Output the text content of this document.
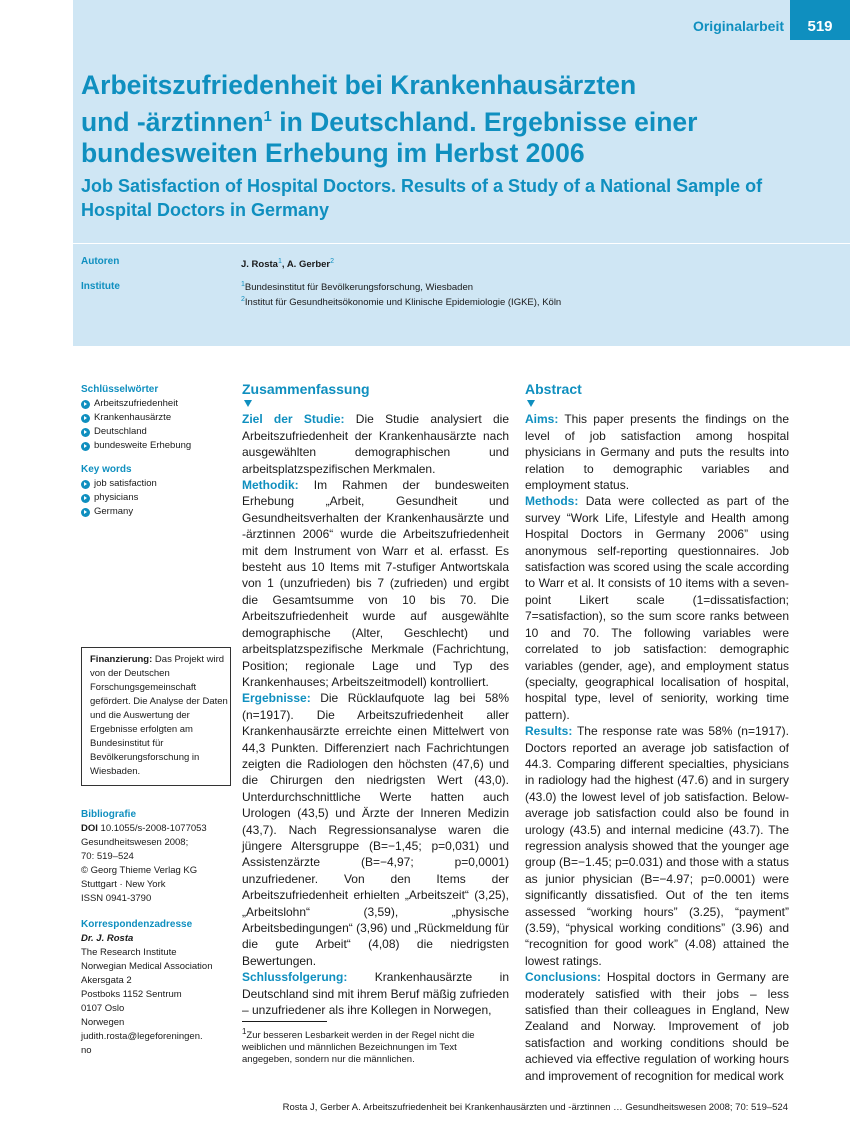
Originalarbeit	519
Arbeitszufriedenheit bei Krankenhausärzten
und -ärztinnen$^1$ in Deutschland. Ergebnisse einer
bundesweiten Erhebung im Herbst 2006
Job Satisfaction of Hospital Doctors. Results of a Study of a National Sample of Hospital Doctors in Germany
Autoren	J. Rosta$^1$, A. Gerber$^2$
Institute	$^1$Bundesinstitut für Bevölkerungsforschung, Wiesbaden
$^2$Institut für Gesundheitsökonomie und Klinische Epidemiologie (IGKE), Köln
Schlüsselwörter
Arbeitszufriedenheit
Krankenhausärzte
Deutschland
bundesweite Erhebung
Key words
job satisfaction
physicians
Germany
Finanzierung: Das Projekt wird von der Deutschen Forschungsgemeinschaft gefördert. Die Analyse der Daten und die Auswertung der Ergebnisse erfolgten am Bundesinstitut für Bevölkerungsforschung in Wiesbaden.
Bibliografie
DOI 10.1055/s-2008-1077053
Gesundheitswesen 2008;
70: 519–524
© Georg Thieme Verlag KG
Stuttgart · New York
ISSN 0941-3790
Korrespondenzadresse
Dr. J. Rosta
The Research Institute
Norwegian Medical Association
Akersgata 2
Postboks 1152 Sentrum
0107 Oslo
Norwegen
judith.rosta@legeforeningen.
no
Zusammenfassung
Ziel der Studie: Die Studie analysiert die Arbeitszufriedenheit der Krankenhausärzte nach ausgewählten demographischen und arbeitsplatzspezifischen Merkmalen.
Methodik: Im Rahmen der bundesweiten Erhebung „Arbeit, Gesundheit und Gesundheitsverhalten der Krankenhausärzte und -ärztinnen 2006“ wurde die Arbeitszufriedenheit mit dem Instrument von Warr et al. erfasst. Es besteht aus 10 Items mit 7-stufiger Antwortskala von 1 (unzufrieden) bis 7 (zufrieden) und ergibt die Gesamtsumme von 10 bis 70. Die Arbeitszufriedenheit wurde auf ausgewählte demographische (Alter, Geschlecht) und arbeitsplatzspezifische Merkmale (Fachrichtung, Position; regionale Lage und Typ des Krankenhauses; Arbeitszeitmodell) kontrolliert.
Ergebnisse: Die Rücklaufquote lag bei 58% (n=1917). Die Arbeitszufriedenheit aller Krankenhausärzte erreichte einen Mittelwert von 44,3 Punkten. Differenziert nach Fachrichtungen zeigten die Radiologen den höchsten (47,6) und die Chirurgen den niedrigsten Wert (43,0). Unterdurchschnittliche Werte hatten auch Urologen (43,5) und Ärzte der Inneren Medizin (43,7). Nach Regressionsanalyse waren die jüngere Altersgruppe (B=−1,45; p=0,031) und Assistenzärzte (B=−4,97; p=0,0001) unzufriedener. Von den Items der Arbeitszufriedenheit erhielten „Arbeitszeit“ (3,25), „Arbeitslohn“ (3,59), „physische Arbeitsbedingungen“ (3,96) und „Rückmeldung für die gute Arbeit“ (4,08) die niedrigsten Bewertungen.
Schlussfolgerung: Krankenhausärzte in Deutschland sind mit ihrem Beruf mäßig zufrieden – unzufriedener als ihre Kollegen in Norwegen,
Abstract
Aims: This paper presents the findings on the level of job satisfaction among hospital physicians in Germany and puts the results into relation to demographic variables and employment status.
Methods: Data were collected as part of the survey “Work Life, Lifestyle and Health among Hospital Doctors in Germany 2006” using anonymous self-reporting questionnaires. Job satisfaction was scored using the scale according to Warr et al. It consists of 10 items with a seven-point Likert scale (1=dissatisfaction; 7=satisfaction), so the sum score ranks between 10 and 70. The following variables were correlated to job satisfaction: demographic variables (gender, age), and employment status (specialty, geographical localisation of hospital, hospital type, level of seniority, working time pattern).
Results: The response rate was 58% (n=1917). Doctors reported an average job satisfaction of 44.3. Comparing different specialties, physicians in radiology had the highest (47.6) and in surgery (43.0) the lowest level of job satisfaction. Below-average job satisfaction could also be found in urology (43.5) and internal medicine (43.7). The regression analysis showed that the younger age group (B=−1.45; p=0.031) and those with a status as junior physician (B=−4.97; p=0.0001) were significantly dissatisfied. Out of the ten items assessed “working hours” (3.25), “payment” (3.59), “physical working conditions” (3.96) and “recognition for good work” (4.08) attained the lowest ratings.
Conclusions: Hospital doctors in Germany are moderately satisfied with their jobs – less satisfied than their colleagues in England, New Zealand and Norway. Improvement of job satisfaction and working conditions should be achieved via effective regulation of working hours and improvement of recognition for medical work
$^1$Zur besseren Lesbarkeit werden in der Regel nicht die weiblichen und männlichen Bezeichnungen im Text angegeben, sondern nur die männlichen.
Rosta J, Gerber A. Arbeitszufriedenheit bei Krankenhausärzten und -ärztinnen … Gesundheitswesen 2008; 70: 519–524
